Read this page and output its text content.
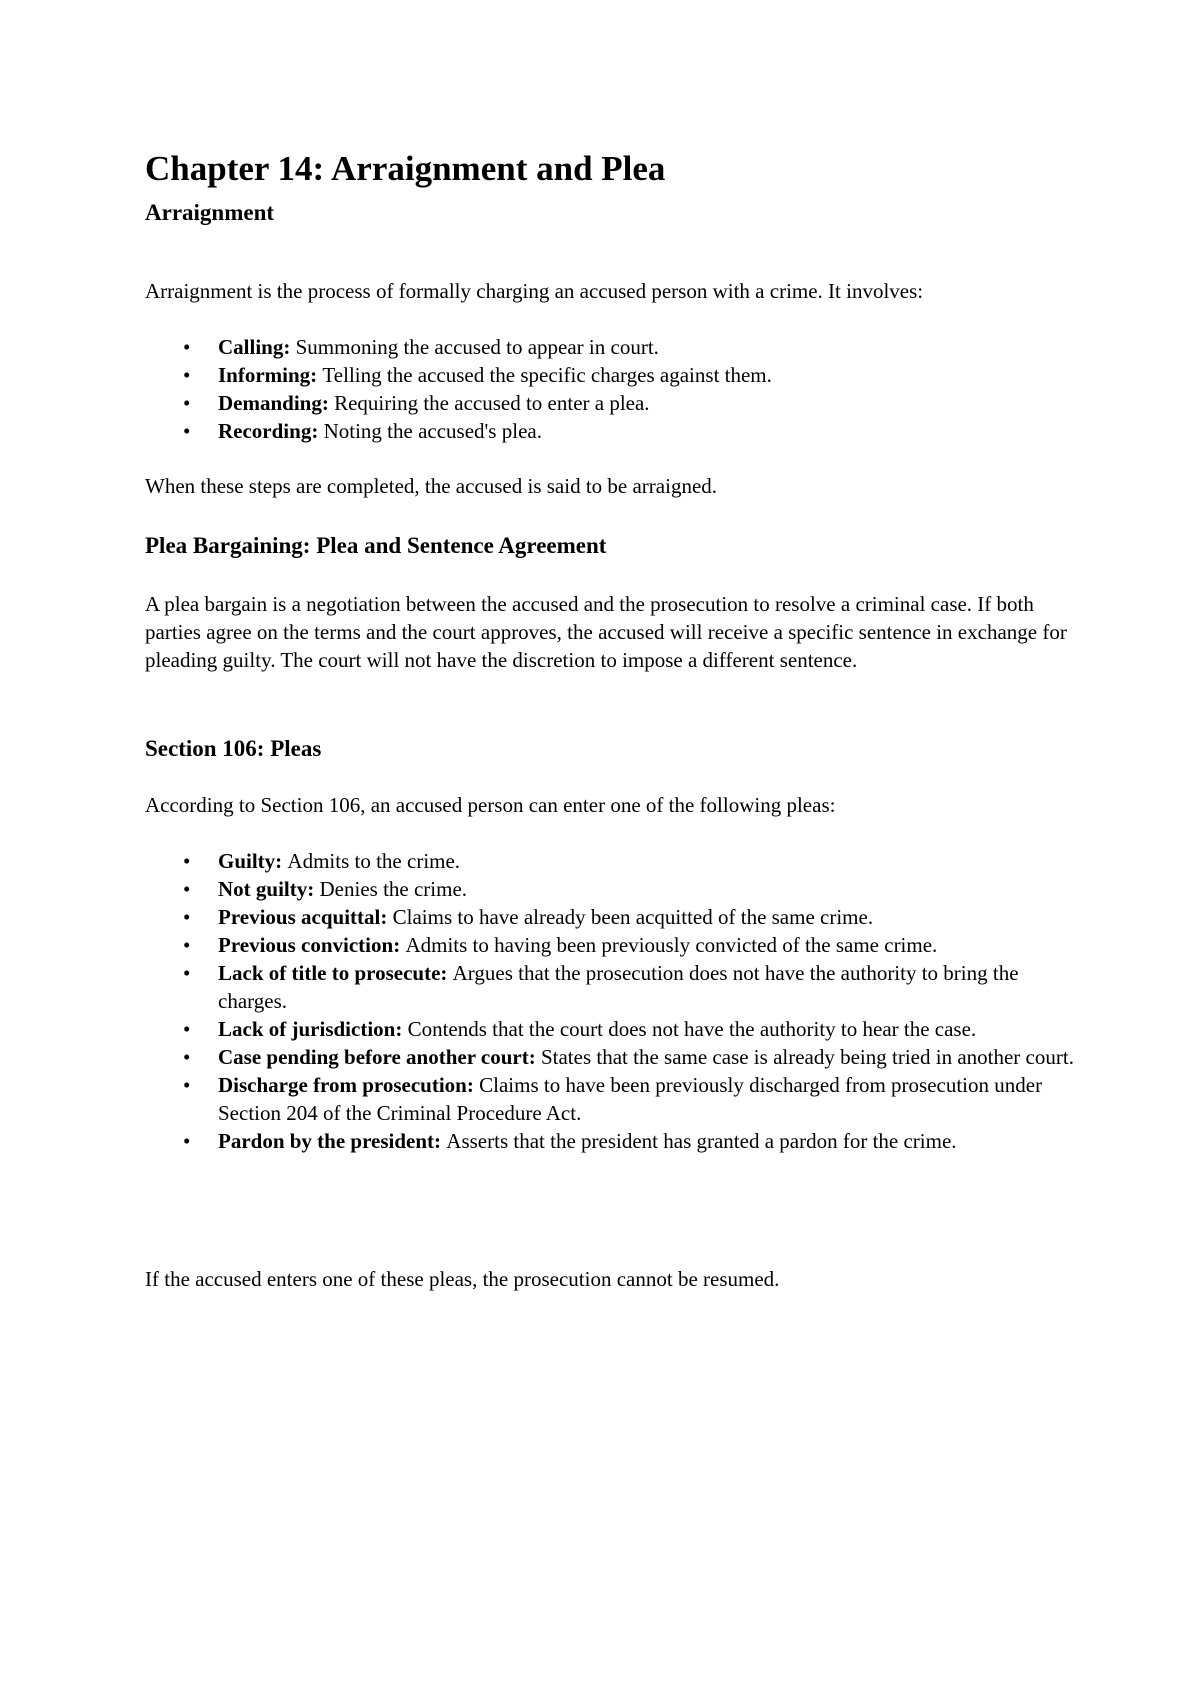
Chapter 14: Arraignment and Plea
Arraignment

Arraignment is the process of formally charging an accused person with a crime. It involves:

• Calling: Summoning the accused to appear in court.
• Informing: Telling the accused the specific charges against them.
• Demanding: Requiring the accused to enter a plea.
• Recording: Noting the accused's plea.

When these steps are completed, the accused is said to be arraigned.

Plea Bargaining: Plea and Sentence Agreement

A plea bargain is a negotiation between the accused and the prosecution to resolve a criminal case. If both parties agree on the terms and the court approves, the accused will receive a specific sentence in exchange for pleading guilty. The court will not have the discretion to impose a different sentence.

Section 106: Pleas

According to Section 106, an accused person can enter one of the following pleas:

• Guilty: Admits to the crime.
• Not guilty: Denies the crime.
• Previous acquittal: Claims to have already been acquitted of the same crime.
• Previous conviction: Admits to having been previously convicted of the same crime.
• Lack of title to prosecute: Argues that the prosecution does not have the authority to bring the charges.
• Lack of jurisdiction: Contends that the court does not have the authority to hear the case.
• Case pending before another court: States that the same case is already being tried in another court.
• Discharge from prosecution: Claims to have been previously discharged from prosecution under Section 204 of the Criminal Procedure Act.
• Pardon by the president: Asserts that the president has granted a pardon for the crime.

If the accused enters one of these pleas, the prosecution cannot be resumed.
